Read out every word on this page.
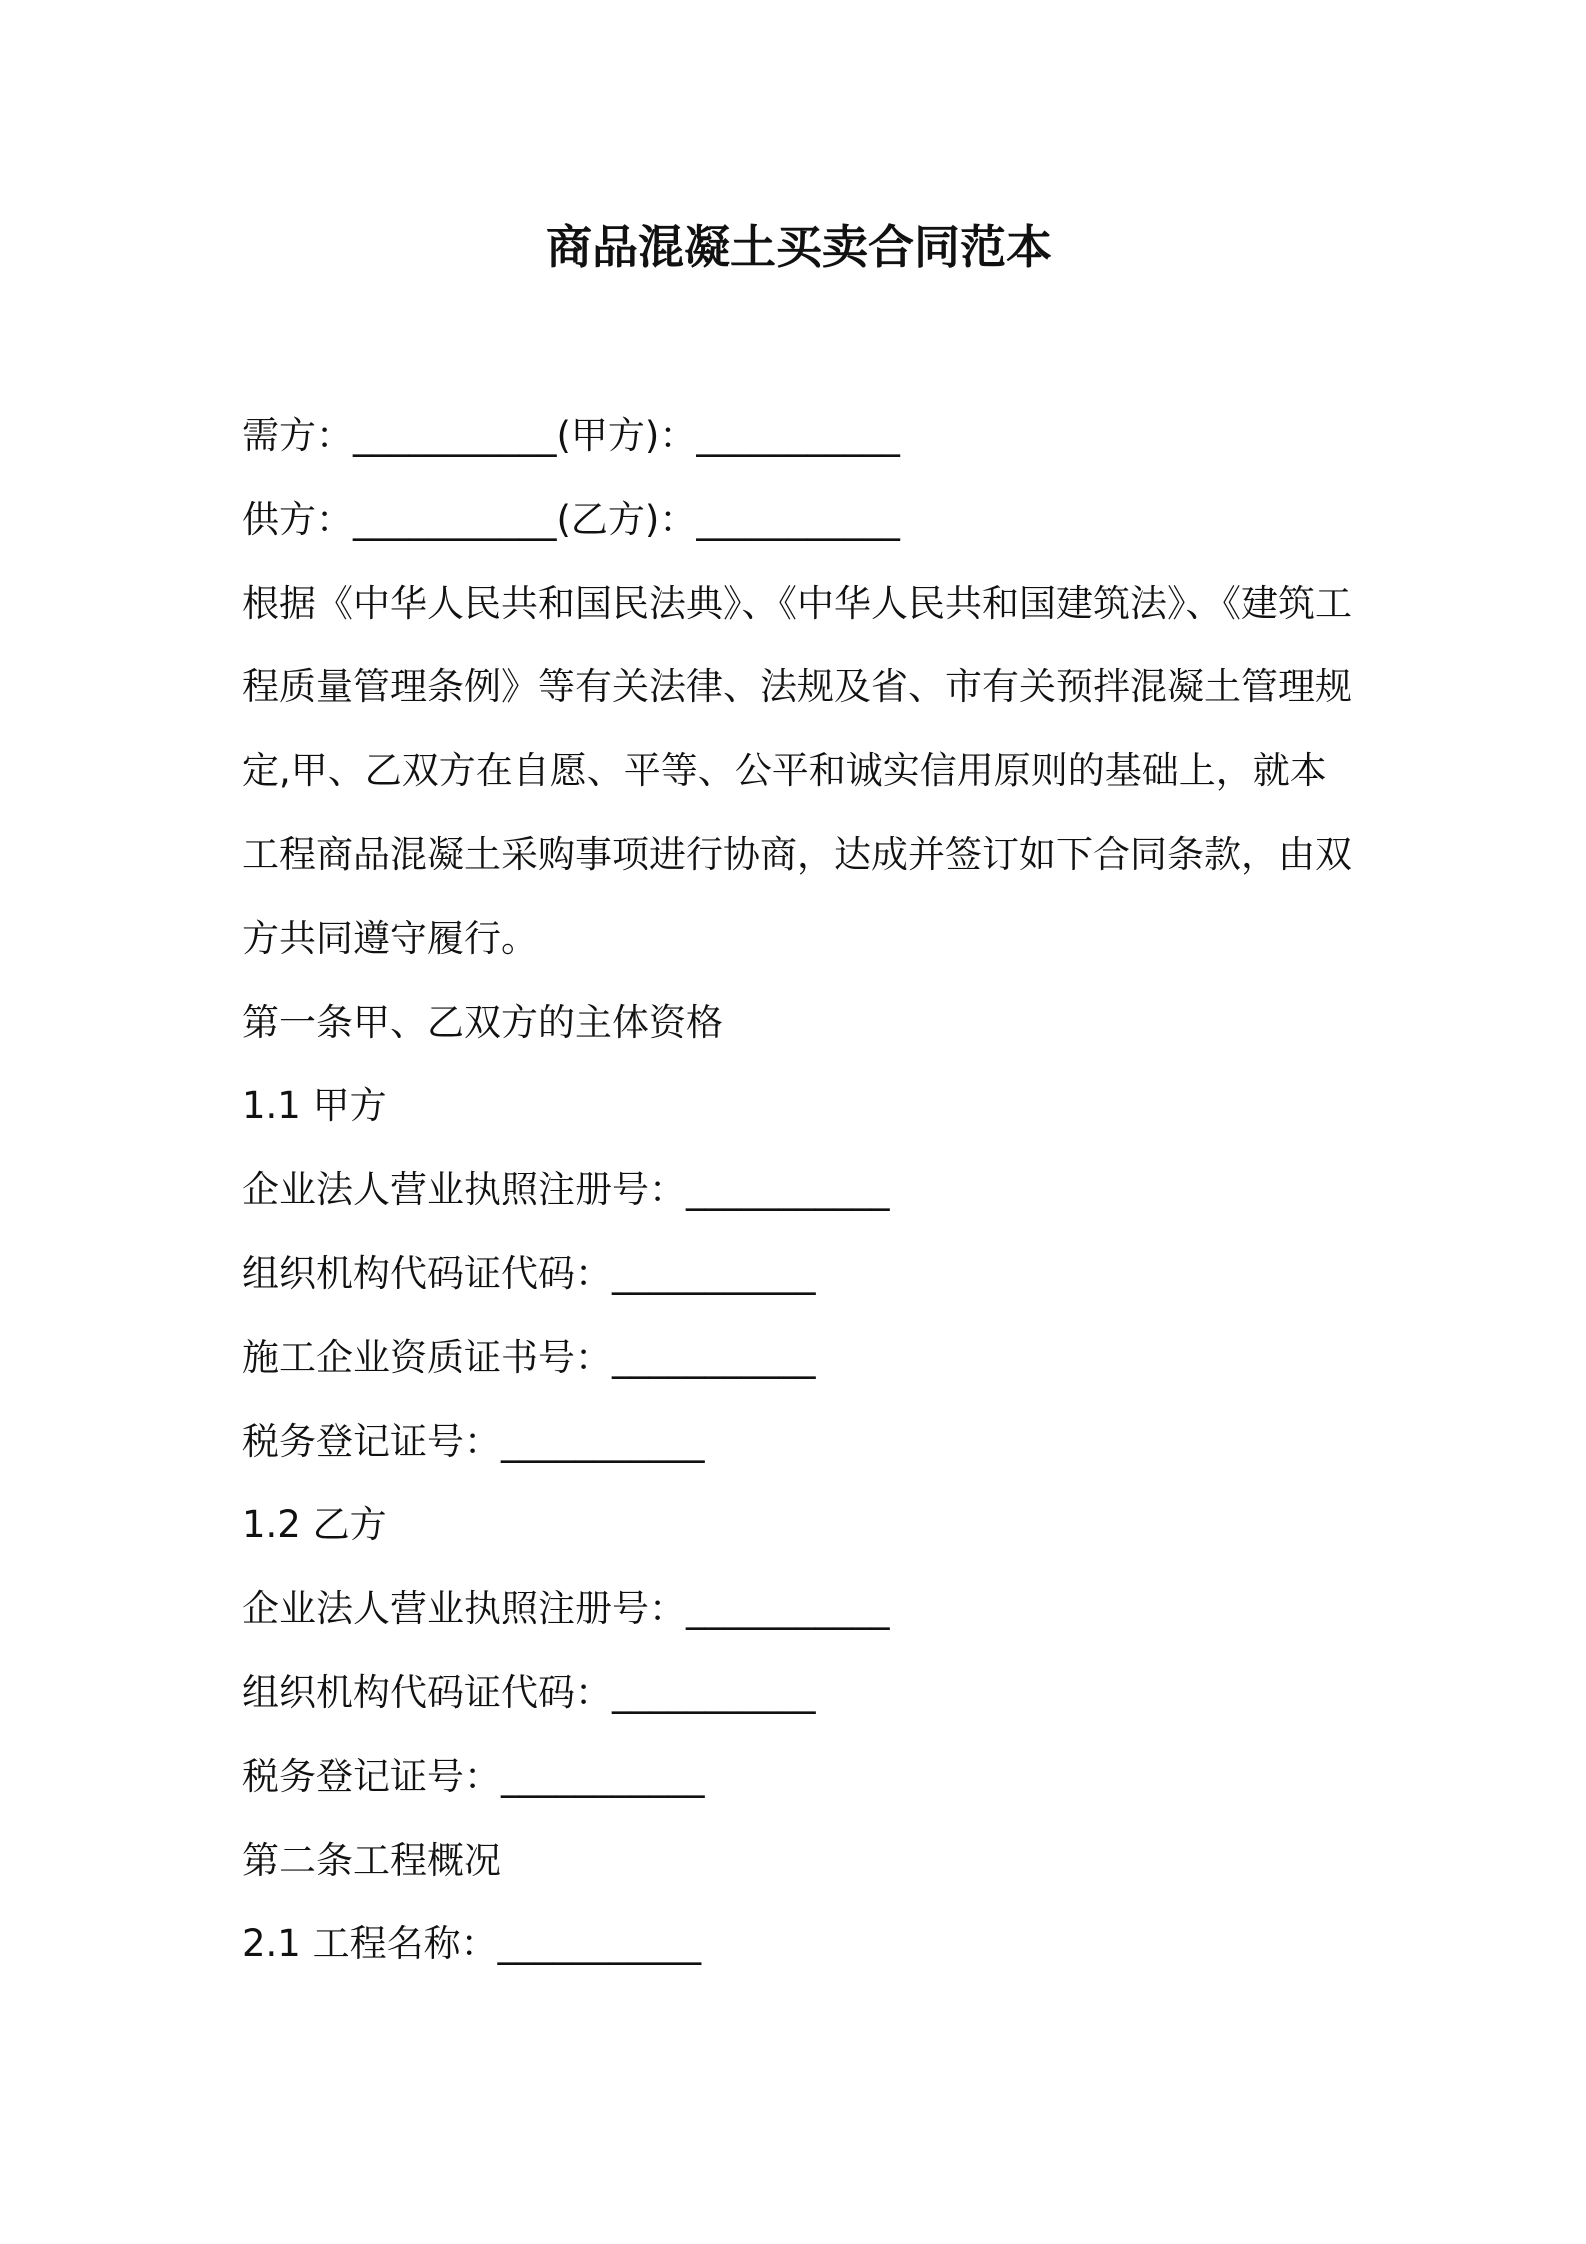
商品混凝土买卖合同范本
需方：___________(甲方)：___________
供方：___________(乙方)：___________
根据《中华人民共和国民法典》、《中华人民共和国建筑法》、《建筑工
程质量管理条例》等有关法律、法规及省、市有关预拌混凝土管理规
定,甲、乙双方在自愿、平等、公平和诚实信用原则的基础上，就本
工程商品混凝土采购事项进行协商，达成并签订如下合同条款，由双
方共同遵守履行。
第一条甲、乙双方的主体资格
1.1 甲方
企业法人营业执照注册号：___________
组织机构代码证代码：___________
施工企业资质证书号：___________
税务登记证号：___________
1.2 乙方
企业法人营业执照注册号：___________
组织机构代码证代码：___________
税务登记证号：___________
第二条工程概况
2.1 工程名称：___________
